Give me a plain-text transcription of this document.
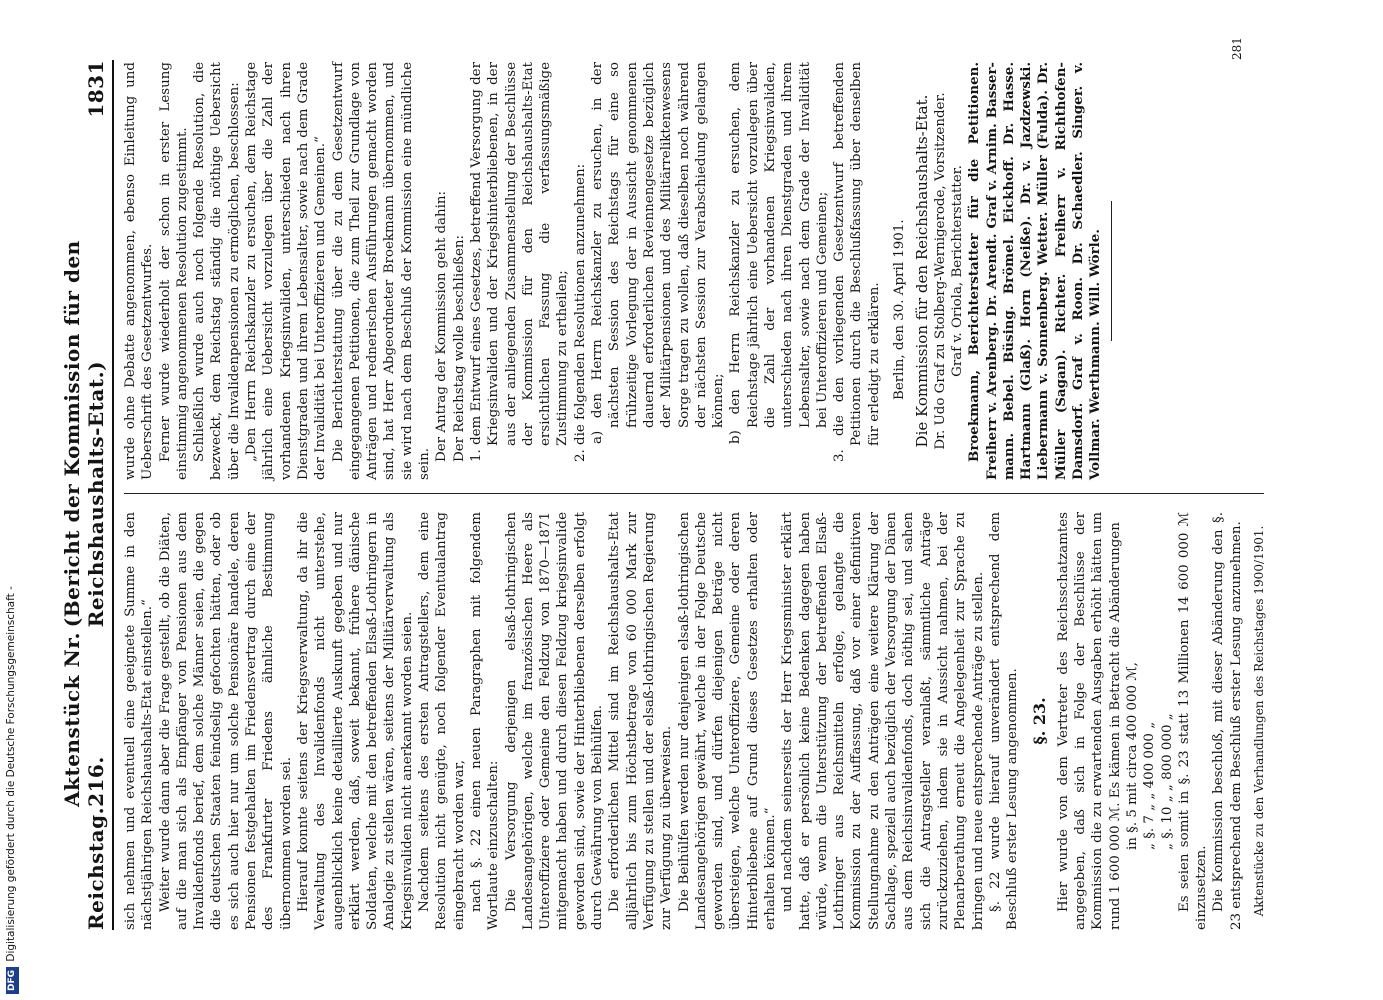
Reichstag.
Aktenstück Nr. 216.
(Bericht der Kommission für den Reichshaushalts-Etat.)
1831

sich nehmen und eventuell eine geeignete Summe in den nächstjährigen Reichshaushalts-Etat einstellen.“ Weiter wurde dann aber die Frage gestellt, ob die Diäten, auf die man sich als Empfänger von Pensionen aus dem Invalidenfonds berief, dem solche Männer seien, die gegen die deutschen Staaten feindselig gefochten hätten, oder ob es sich auch hier nur um solche Pensionäre handele, deren Pensionen festgehalten im Friedensvertrag durch eine der des Frankfurter Friedens ähnliche Bestimmung übernommen worden sei. Hierauf konnte seitens der Kriegsverwaltung, da ihr die Verwaltung des Invalidenfonds nicht unterstehe, augenblicklich keine detaillierte Auskunft gegeben und nur erklärt werden, daß, soweit bekannt, frühere dänische Soldaten, welche mit den betreffenden Elsaß-Lothringern in Analogie zu stellen wären, seitens der Militärverwaltung als Kriegsinvaliden nicht anerkannt worden seien. Nachdem seitens des ersten Antragstellers, dem eine Resolution nicht genügte, noch folgender Eventualantrag eingebracht worden war, nach §. 22 einen neuen Paragraphen mit folgendem Wortlaute einzuschalten: Die Versorgung derjenigen elsaß-lothringischen Landesangehörigen, welche im französischen Heere als Unteroffiziere oder Gemeine den Feldzug von 1870—1871 mitgemacht haben und durch diesen Feldzug kriegsinvalide geworden sind, sowie der Hinterbliebenen derselben erfolgt durch Gewährung von Beihülfen. Die erforderlichen Mittel sind im Reichshaushalts-Etat alljährlich bis zum Höchstbetrage von 60 000 Mark zur Verfügung zu stellen und der elsaß-lothringischen Regierung zur Verfügung zu überweisen. Die Beihülfen werden nur denjenigen elsaß-lothringischen Landesangehörigen gewährt, welche in der Folge Deutsche geworden sind, und dürfen diejenigen Beträge nicht übersteigen, welche Unteroffiziere, Gemeine oder deren Hinterbliebene auf Grund dieses Gesetzes erhalten oder erhalten können.“ und nachdem seinerseits der Herr Kriegsminister erklärt hatte, daß er persönlich keine Bedenken dagegen haben würde, wenn die Unterstützung der betreffenden Elsaß-Lothringer aus Reichsmitteln erfolge, gelangte die Kommission zu der Auffassung, daß vor einer definitiven Stellungnahme zu den Anträgen eine weitere Klärung der Sachlage, speziell auch bezüglich der Versorgung der Dänen aus dem Reichsinvalidenfonds, doch nöthig sei, und sahen sich die Antragsteller veranlaßt, sämmtliche Anträge zurückzuziehen, indem sie in Aussicht nahmen, bei der Plenarberathung erneut die Angelegenheit zur Sprache zu bringen und neue entsprechende Anträge zu stellen. §. 22 wurde hierauf unverändert entsprechend dem Beschluß erster Lesung angenommen. §. 23. Hier wurde von dem Vertreter des Reichsschatzamtes angegeben, daß sich in Folge der Beschlüsse der Kommission die zu erwartenden Ausgaben erhöht hätten um rund 1 600 000 ℳ. Es kämen in Betracht die Abänderungen in §. 5 mit circa 400 000 ℳ, „ §. 7 „ „ 400 000 „ „ §. 10 „ „ 800 000 „ Es seien somit in §. 23 statt 13 Millionen 14 600 000 ℳ einzusetzen. Die Kommission beschloß, mit dieser Abänderung den §. 23 entsprechend dem Beschluß erster Lesung anzunehmen. Aktenstücke zu den Verhandlungen des Reichstages 1900/1901.

wurde ohne Debatte angenommen, ebenso Einleitung und Ueberschrift des Gesetzentwurfes. Ferner wurde wiederholt der schon in erster Lesung einstimmig angenommenen Resolution zugestimmt. Schließlich wurde auch noch folgende Resolution, die bezweckt, dem Reichstag ständig die nöthige Uebersicht über die Invalidenpensionen zu ermöglichen, beschlossen: „Den Herrn Reichskanzler zu ersuchen, dem Reichstage jährlich eine Uebersicht vorzulegen über die Zahl der vorhandenen Kriegsinvaliden, unterschieden nach ihren Dienstgraden und ihrem Lebensalter, sowie nach dem Grade der Invalidität bei Unteroffizieren und Gemeinen.“ Die Berichterstattung über die zu dem Gesetzentwurf eingegangenen Petitionen, die zum Theil zur Grundlage von Anträgen und rednerischen Ausführungen gemacht worden sind, hat Herr Abgeordneter Broekmann übernommen, und sie wird nach dem Beschluß der Kommission eine mündliche sein.

Der Antrag der Kommission geht dahin: Der Reichstag wolle beschließen: 1. dem Entwurf eines Gesetzes, betreffend Versorgung der Kriegsinvaliden und der Kriegshinterbliebenen, in der aus der anliegenden Zusammenstellung der Beschlüsse der Kommission für den Reichshaushalts-Etat ersichtlichen Fassung die verfassungsmäßige Zustimmung zu ertheilen; 2. die folgenden Resolutionen anzunehmen: a) den Herrn Reichskanzler zu ersuchen, in der nächsten Session des Reichstags für eine so frühzeitige Vorlegung der in Aussicht genommenen dauernd erforderlichen Reviennengesetze bezüglich der Militärpensionen und des Militärreliktenwesens Sorge tragen zu wollen, daß dieselben noch während der nächsten Session zur Verabschiedung gelangen können; b) den Herrn Reichskanzler zu ersuchen, dem Reichstage jährlich eine Uebersicht vorzulegen über die Zahl der vorhandenen Kriegsinvaliden, unterschieden nach ihren Dienstgraden und ihrem Lebensalter, sowie nach dem Grade der Invalidität bei Unteroffizieren und Gemeinen; 3. die den vorliegenden Gesetzentwurf betreffenden Petitionen durch die Beschlußfassung über denselben für erledigt zu erklären. Berlin, den 30. April 1901. Die Kommission für den Reichshaushalts-Etat. Dr. Udo Graf zu Stolberg-Wernigerode, Vorsitzender. Graf v. Oriola, Berichterstatter. Broekmann, Berichterstatter für die Petitionen. Freiherr v. Arenberg. Dr. Arendt. Graf v. Arnim. Basser-mann. Bebel. Büsing. Brömel. Eickhoff. Dr. Hasse. Hartmann (Glaß). Horn (Neiße). Dr. v. Jazdzewski. Liebermann v. Sonnenberg. Wetter. Müller (Fulda). Dr. Müller (Sagan). Richter. Freiherr v. Richthofen-Damsdorf. Graf v. Roon. Dr. Schaedler. Singer. v. Vollmar. Werthmann. Will. Wörle.

281
DFG Digitalisierung gefördert durch die Deutsche Forschungsgemeinschaft -
